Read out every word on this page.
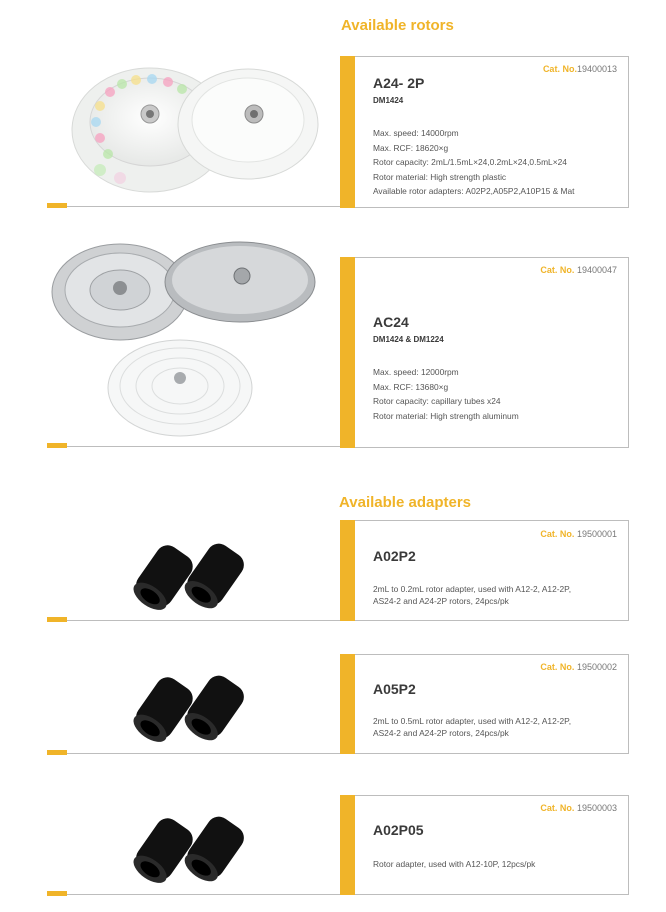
Available rotors
Cat. No.19400013
A24- 2P
DM1424
Max. speed: 14000rpm
Max. RCF: 18620×g
Rotor capacity: 2mL/1.5mL×24,0.2mL×24,0.5mL×24
Rotor material: High strength plastic
Available rotor adapters: A02P2,A05P2,A10P15 & Mat
Cat. No. 19400047
AC24
DM1424 & DM1224
Max. speed: 12000rpm
Max. RCF: 13680×g
Rotor capacity: capillary tubes x24
Rotor material: High strength aluminum
Available adapters
Cat. No. 19500001
A02P2
2mL to 0.2mL rotor adapter, used with A12-2, A12-2P, AS24-2 and A24-2P rotors, 24pcs/pk
Cat. No. 19500002
A05P2
2mL to 0.5mL rotor adapter, used with A12-2, A12-2P, AS24-2 and A24-2P rotors, 24pcs/pk
Cat. No. 19500003
A02P05
Rotor adapter, used with A12-10P, 12pcs/pk
